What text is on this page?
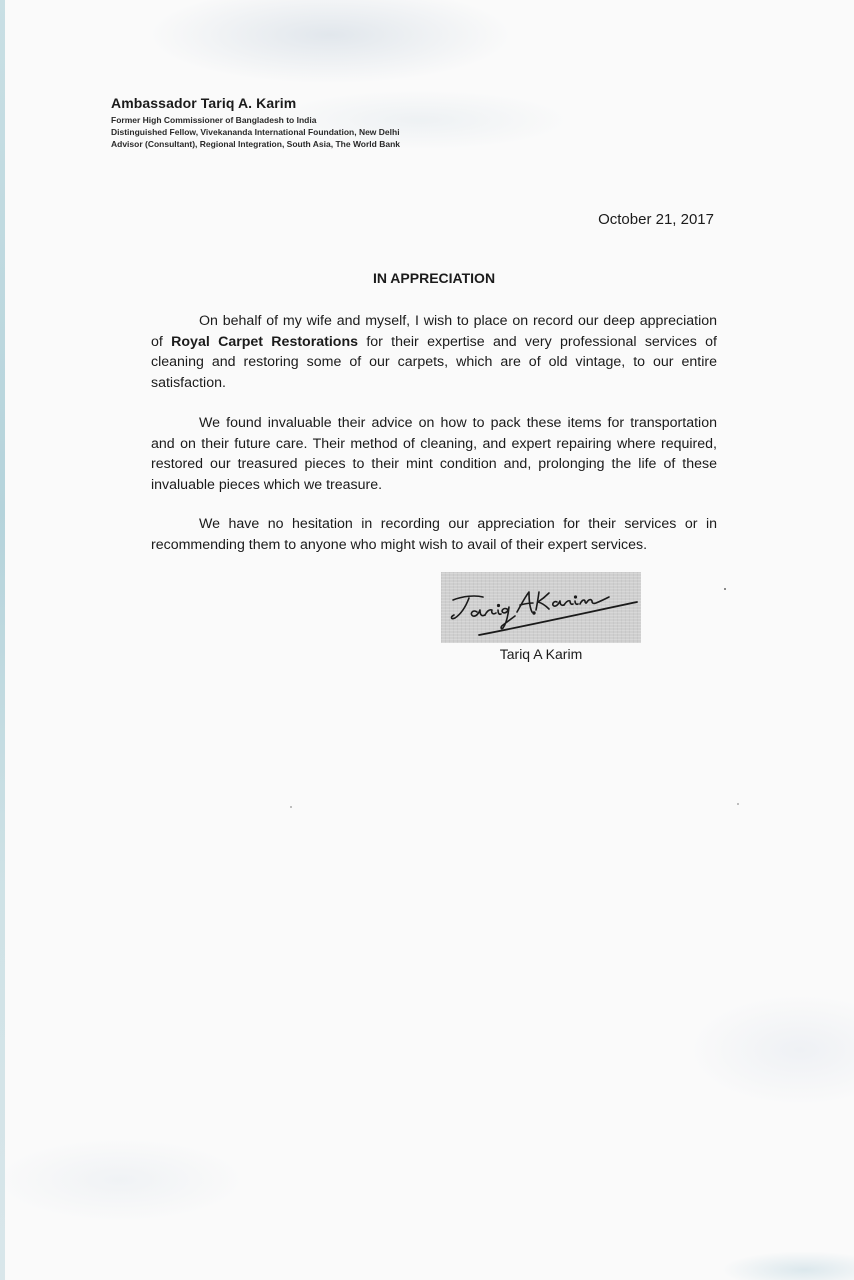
Ambassador Tariq A. Karim
Former High Commissioner of Bangladesh to India
Distinguished Fellow, Vivekananda International Foundation, New Delhi
Advisor (Consultant), Regional Integration, South Asia, The World Bank
October 21, 2017
IN APPRECIATION
On behalf of my wife and myself, I wish to place on record our deep appreciation of Royal Carpet Restorations for their expertise and very professional services of cleaning and restoring some of our carpets, which are of old vintage, to our entire satisfaction.
We found invaluable their advice on how to pack these items for transportation and on their future care. Their method of cleaning, and expert repairing where required, restored our treasured pieces to their mint condition and, prolonging the life of these invaluable pieces which we treasure.
We have no hesitation in recording our appreciation for their services or in recommending them to anyone who might wish to avail of their expert services.
Tariq A Karim
